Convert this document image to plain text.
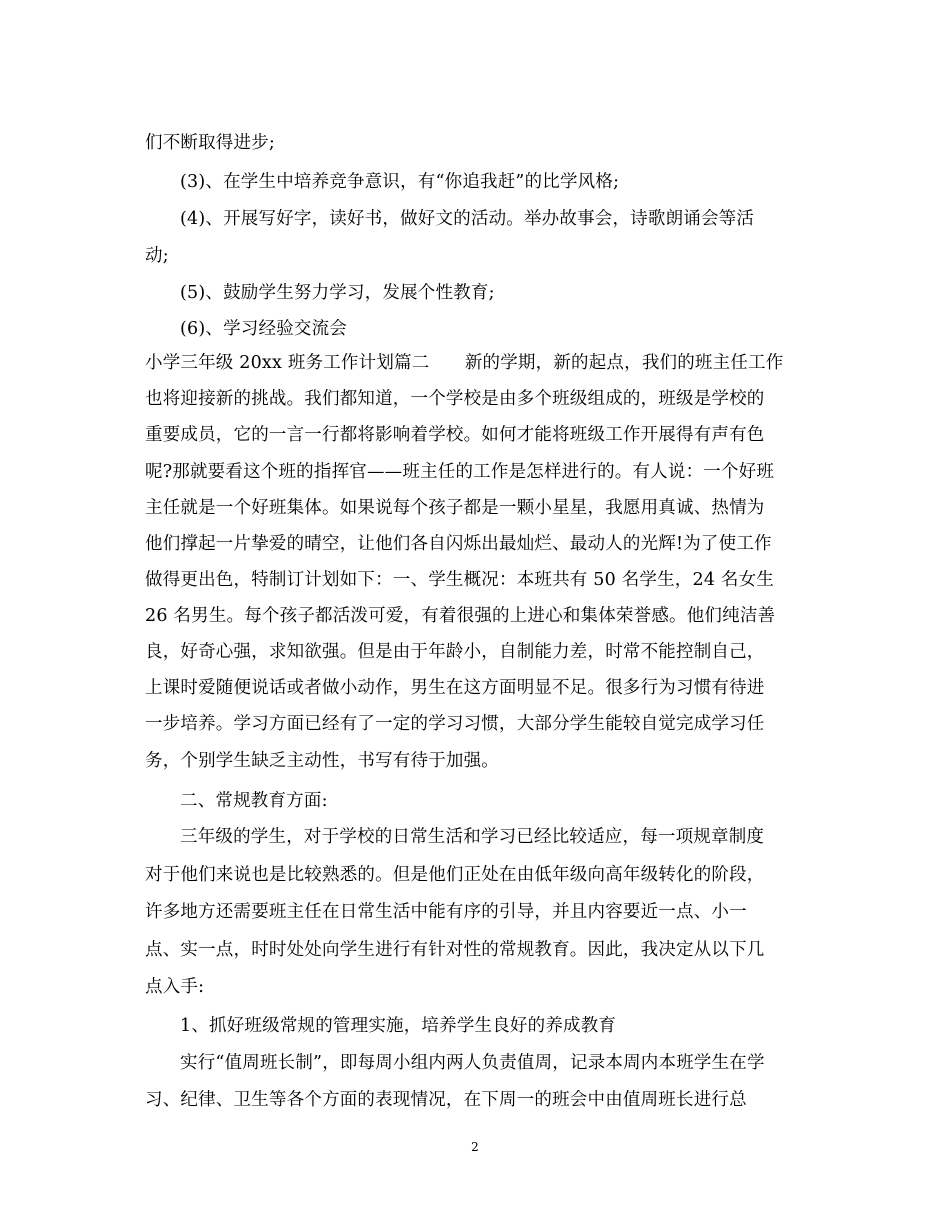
们不断取得进步;
(3)、在学生中培养竞争意识，有“你追我赶”的比学风格;
(4)、开展写好字，读好书，做好文的活动。举办故事会，诗歌朗诵会等活
动;
(5)、鼓励学生努力学习，发展个性教育;
(6)、学习经验交流会
小学三年级 20xx 班务工作计划篇二　　新的学期，新的起点，我们的班主任工作
也将迎接新的挑战。我们都知道，一个学校是由多个班级组成的，班级是学校的
重要成员，它的一言一行都将影响着学校。如何才能将班级工作开展得有声有色
呢?那就要看这个班的指挥官——班主任的工作是怎样进行的。有人说：一个好班
主任就是一个好班集体。如果说每个孩子都是一颗小星星，我愿用真诚、热情为
他们撑起一片挚爱的晴空，让他们各自闪烁出最灿烂、最动人的光辉!为了使工作
做得更出色，特制订计划如下：一、学生概况：本班共有 50 名学生，24 名女生
26 名男生。每个孩子都活泼可爱，有着很强的上进心和集体荣誉感。他们纯洁善
良，好奇心强，求知欲强。但是由于年龄小，自制能力差，时常不能控制自己，
上课时爱随便说话或者做小动作，男生在这方面明显不足。很多行为习惯有待进
一步培养。学习方面已经有了一定的学习习惯，大部分学生能较自觉完成学习任
务，个别学生缺乏主动性，书写有待于加强。
二、常规教育方面:
三年级的学生，对于学校的日常生活和学习已经比较适应，每一项规章制度
对于他们来说也是比较熟悉的。但是他们正处在由低年级向高年级转化的阶段，
许多地方还需要班主任在日常生活中能有序的引导，并且内容要近一点、小一
点、实一点，时时处处向学生进行有针对性的常规教育。因此，我决定从以下几
点入手:
1、抓好班级常规的管理实施，培养学生良好的养成教育
实行“值周班长制”，即每周小组内两人负责值周，记录本周内本班学生在学
习、纪律、卫生等各个方面的表现情况，在下周一的班会中由值周班长进行总
2
